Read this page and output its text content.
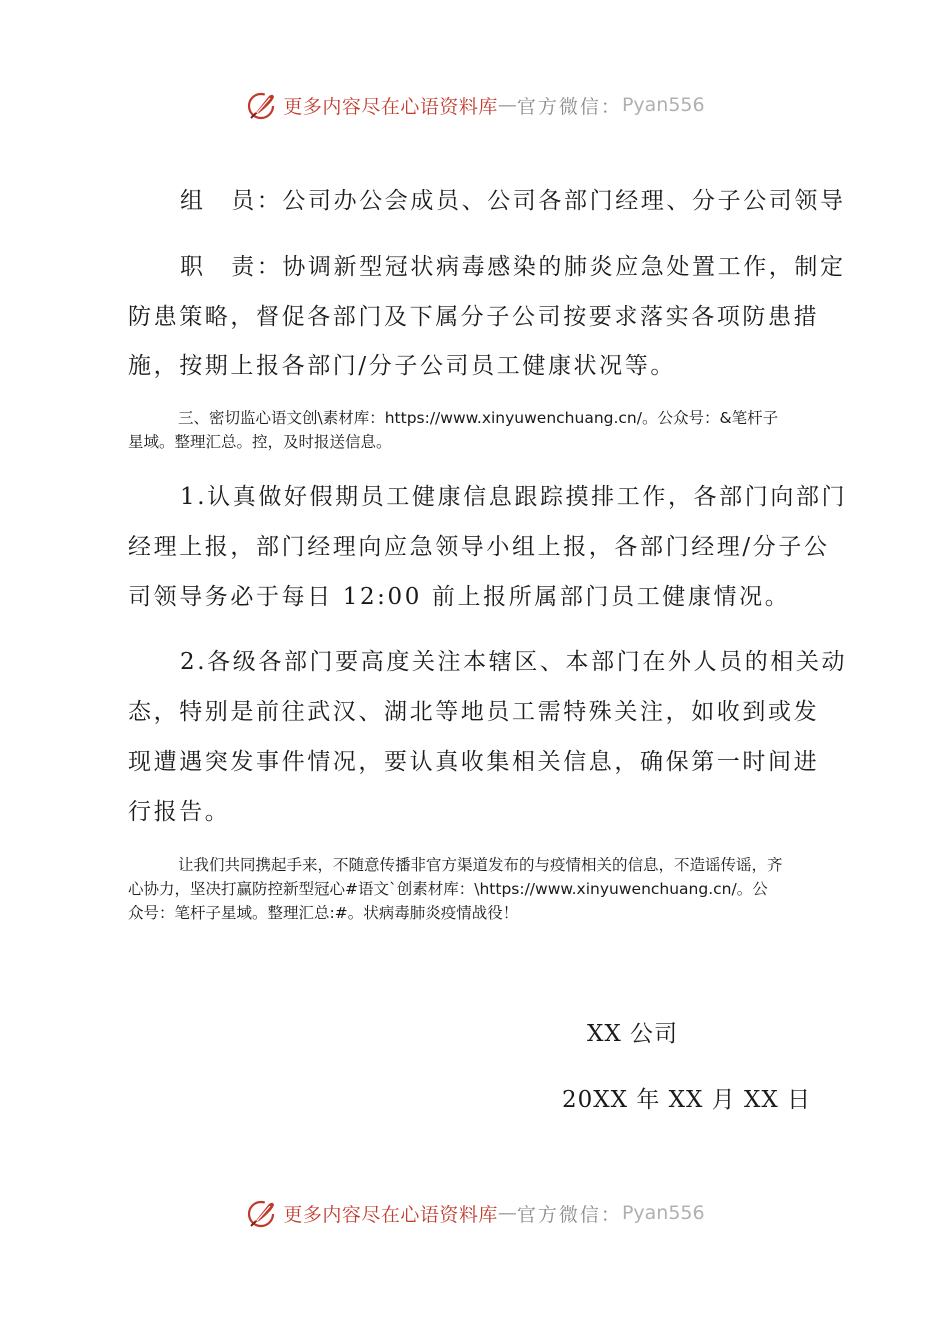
更多内容尽在心语资料库 — 官方微信： Pyan556
组　员：公司办公会成员、公司各部门经理、分子公司领导
职　责：协调新型冠状病毒感染的肺炎应急处置工作，制定
防患策略，督促各部门及下属分子公司按要求落实各项防患措
施，按期上报各部门/分子公司员工健康状况等。
三、密切监心语文创\素材库：https://www.xinyuwenchuang.cn/。公众号：&笔杆子
星域。整理汇总。控，及时报送信息。
1.认真做好假期员工健康信息跟踪摸排工作，各部门向部门
经理上报，部门经理向应急领导小组上报，各部门经理/分子公
司领导务必于每日 12:00 前上报所属部门员工健康情况。
2.各级各部门要高度关注本辖区、本部门在外人员的相关动
态，特别是前往武汉、湖北等地员工需特殊关注，如收到或发
现遭遇突发事件情况，要认真收集相关信息，确保第一时间进
行报告。
让我们共同携起手来，不随意传播非官方渠道发布的与疫情相关的信息，不造谣传谣，齐
心协力，坚决打赢防控新型冠心#语文`创素材库：\https://www.xinyuwenchuang.cn/。公
众号：笔杆子星域。整理汇总:#。状病毒肺炎疫情战役！
XX 公司
20XX 年 XX 月 XX 日
更多内容尽在心语资料库 — 官方微信： Pyan556
